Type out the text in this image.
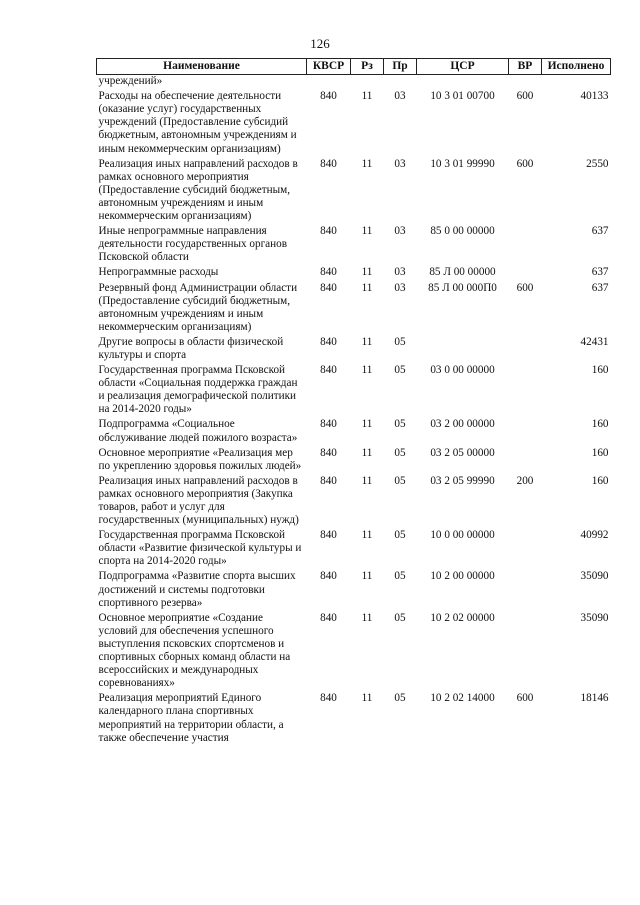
126
Наименование	КВСР	Рз	Пр	ЦСР	ВР	Исполнено
учреждений»						
Расходы на обеспечение деятельности (оказание услуг) государственных учреждений (Предоставление субсидий бюджетным, автономным учреждениям и иным некоммерческим организациям)	840	11	03	10 3 01 00700	600	40133
Реализация иных направлений расходов в рамках основного мероприятия (Предоставление субсидий бюджетным, автономным учреждениям и иным некоммерческим организациям)	840	11	03	10 3 01 99990	600	2550
Иные непрограммные направления деятельности государственных органов Псковской области	840	11	03	85 0 00 00000		637
Непрограммные расходы	840	11	03	85 Л 00 00000		637
Резервный фонд Администрации области (Предоставление субсидий бюджетным, автономным учреждениям и иным некоммерческим организациям)	840	11	03	85 Л 00 000П0	600	637
Другие вопросы в области физической культуры и спорта	840	11	05			42431
Государственная программа Псковской области «Социальная поддержка граждан и реализация демографической политики на 2014-2020 годы»	840	11	05	03 0 00 00000		160
Подпрограмма «Социальное обслуживание людей пожилого возраста»	840	11	05	03 2 00 00000		160
Основное мероприятие «Реализация мер по укреплению здоровья пожилых людей»	840	11	05	03 2 05 00000		160
Реализация иных направлений расходов в рамках основного мероприятия (Закупка товаров, работ и услуг для государственных (муниципальных) нужд)	840	11	05	03 2 05 99990	200	160
Государственная программа Псковской области «Развитие физической культуры и спорта на 2014-2020 годы»	840	11	05	10 0 00 00000		40992
Подпрограмма «Развитие спорта высших достижений и системы подготовки спортивного резерва»	840	11	05	10 2 00 00000		35090
Основное мероприятие «Создание условий для обеспечения успешного выступления псковских спортсменов и спортивных сборных команд области на всероссийских и международных соревнованиях»	840	11	05	10 2 02 00000		35090
Реализация мероприятий Единого календарного плана спортивных мероприятий на территории области, а также обеспечение участия	840	11	05	10 2 02 14000	600	18146
